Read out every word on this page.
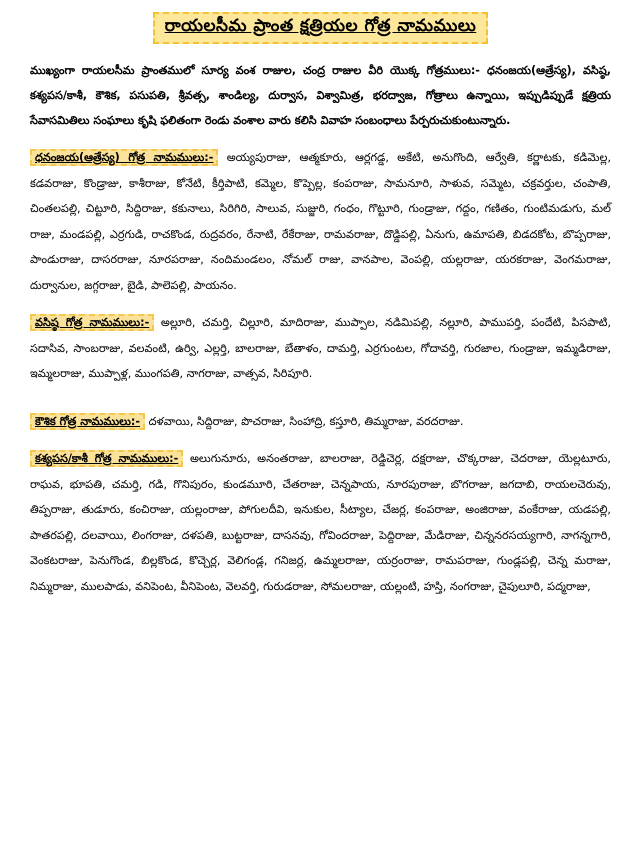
రాయలసీమ ప్రాంత క్షత్రియల గోత్ర నామములు
ముఖ్యంగా రాయలసీమ ప్రాంతములో సూర్య వంశ రాజుల, చంద్ర రాజుల వీరి యొక్క గోత్రములు:- ధనంజయ(ఆత్రేస్య), వసిష్ఠ, కశ్యపస/కాశీ, కౌశిక, పసుపతి, శ్రీవత్స, శాండిల్య, దుర్వాస, విశ్వామిత్ర, భరద్వాజ, గోత్రాలు ఉన్నాయి, ఇప్పుడిప్పుడే క్షత్రియ సేవాసమితిలు సంఘాలు కృషి ఫలితంగా రెండు వంశాల వారు కలిసి వివాహ సంబంధాలు పేర్పరుచుకుంటున్నారు.
ధనంజయ(ఆత్రేస్య) గోత్ర నామములు:- అయ్యపురాజు, ఆత్మకూరు, ఆర్లగడ్డ, అకేటి, అనుగొంది, ఆర్వేతి, కర్ణాటకు, కడిమెల్ల, కడవరాజు, కొండ్రాజు, కాశీరాజు, కోనేటి, కీర్తిపాటి, కమ్మెల, కొప్పెల్ల, కంపరాజు, సామనూరి, సాళువ, సమ్మెట, చక్రవర్తుల, చంపాతి, చింతలపల్లి, చిట్టూరి, సిద్దిరాజు, కకునాలు, సిరిగిరి, సాలువ, సుజ్జురి, గంధం, గొట్టూరి, గుండ్రాజు, గద్దం, గణితం, గుంటిమడుగు, మల్ రాజు, మండపల్లి, ఎర్రగుడి, రాచకొండ, రుద్రవరం, రేనాటి, రేకేరాజు, రామవరాజు, దొడ్డిపల్లి, ఏనుగు, ఉమాపతి, బిడదకోట, బొప్పరాజు, పాండురాజు, దాసరరాజు, నూరపరాజు, నందిమండలం, నోమల్ రాజు, వానపాల, వెంపల్లి, యల్లరాజు, యరకరాజు, వెంగమరాజు, దుర్వానుల, జగ్గరాజు, బైడి, పాలెపల్లి, పాయనం.
వసిష్ఠ గోత్ర నామములు:- అల్లూరి, చమర్తి, చిల్లూరి, మాదిరాజు, ముప్పాల, నడిమిపల్లి, నల్లూరి, పాముపర్తి, పందేటి, పిసపాటి, సదాసివ, సాంబరాజు, వలవంటి, ఉర్వి, ఎల్లర్తి, బాలరాజు, బేతాళం, దామర్తి, ఎర్రగుంటల, గోదావర్తి, గురజాల, గుండ్రాజు, ఇమ్మడిరాజు, ఇమ్మలరాజు, ముప్పాళ్ల, ముంగపతి, నాగరాజు, వాత్సవ, సిరిపూరి.
కౌశిక గోత్ర నామములు:- దళవాయి, సిద్దిరాజు, పొచరాజు, సింహాద్రి, కస్తూరి, తిమ్మరాజు, వరదరాజు.
కశ్యపస/కాశీ గోత్ర నామములు:- అలుగునూరు, అనంతరాజు, బాలరాజు, రెడ్డిచెర్ల, దక్షరాజు, చొక్కరాజు, చెదరాజు, యెల్లటూరు, రాఘవ, భూపతి, చమర్తి, గడి, గొనిపురం, కుండమూరి, చేతరాజు, చెన్నపాయ, నూరపురాజు, బొగరాజు, జగదాబి, రాయలచెరువు, తిప్పరాజు, తుడూరు, కంచిరాజు, యల్లంరాజు, పోగులదీవి, ఇనుకుల, సీట్యాల, చేజర్ల, కంపరాజు, అంజిరాజు, వంకేరాజు, యడపల్లి, పాతరపల్లి, దలవాయి, లింగరాజు, దళపతి, బుట్టరాజు, దాసనవు, గోవిందరాజు, పెద్దిరాజు, మేడిరాజు, చిన్ననరసయ్యగారి, నాగన్నగారి, వెంకటరాజు, పెనుగొండ, బిల్లకొండ, కొచ్చెర్ల, వెలిగండ్ల, గనిజర్ల, ఉమ్మలరాజు, యర్రంరాజు, రామపరాజు, గుండ్లపల్లి, చెన్న మరాజు, నిమ్మరాజు, ములపాడు, వనిపెంట, వీనిపెంట, వెలవర్తి, గురుడరాజు, సోమలరాజు, యల్లంటి, హస్తి, నంగరాజు, చైపులూరి, పద్మరాజు,
